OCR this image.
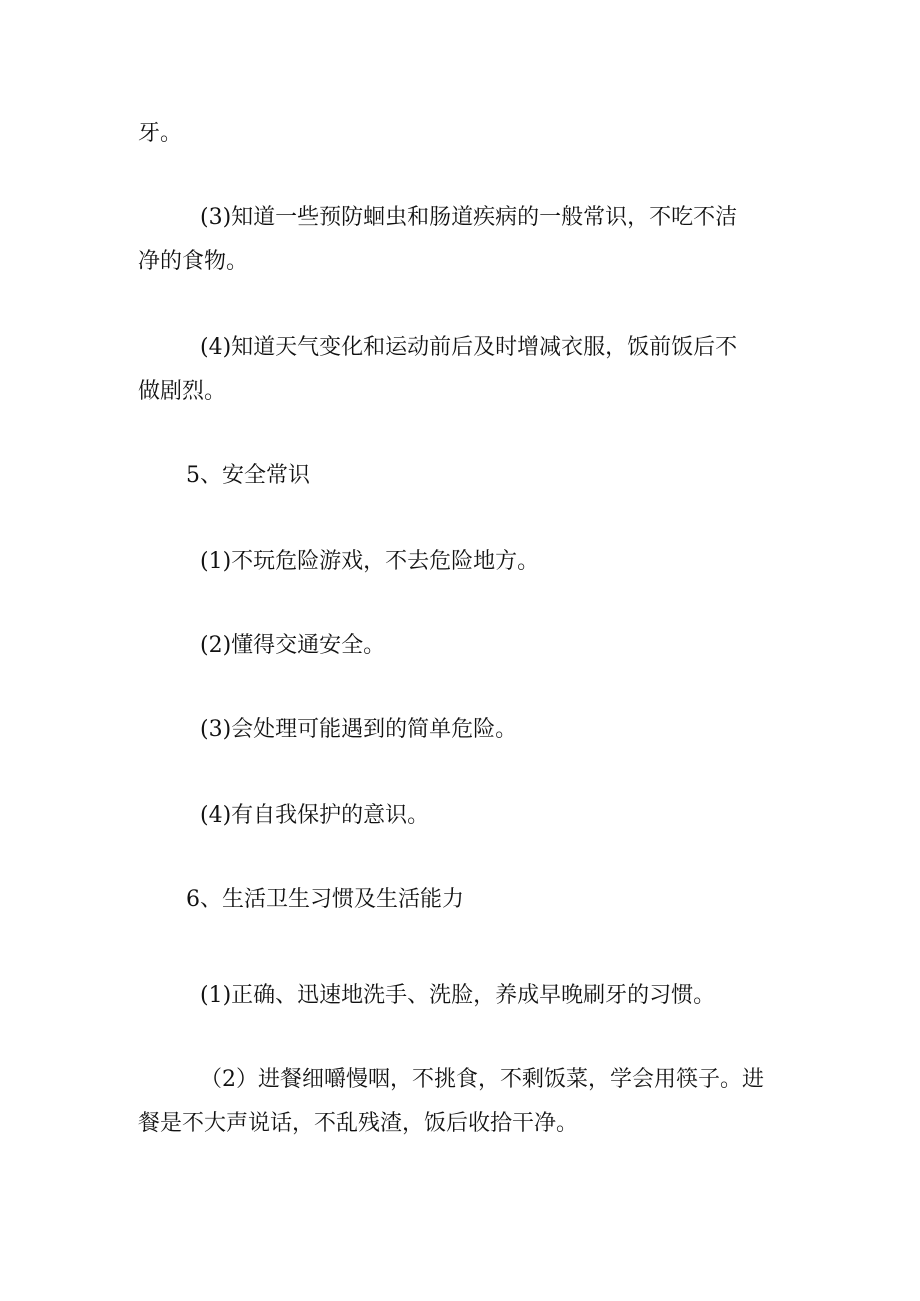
牙。
(3)知道一些预防蛔虫和肠道疾病的一般常识，不吃不洁
净的食物。
(4)知道天气变化和运动前后及时增减衣服，饭前饭后不
做剧烈。
5、安全常识
(1)不玩危险游戏，不去危险地方。
(2)懂得交通安全。
(3)会处理可能遇到的简单危险。
(4)有自我保护的意识。
6、生活卫生习惯及生活能力
(1)正确、迅速地洗手、洗脸，养成早晚刷牙的习惯。
（2）进餐细嚼慢咽，不挑食，不剩饭菜，学会用筷子。进
餐是不大声说话，不乱残渣，饭后收拾干净。
